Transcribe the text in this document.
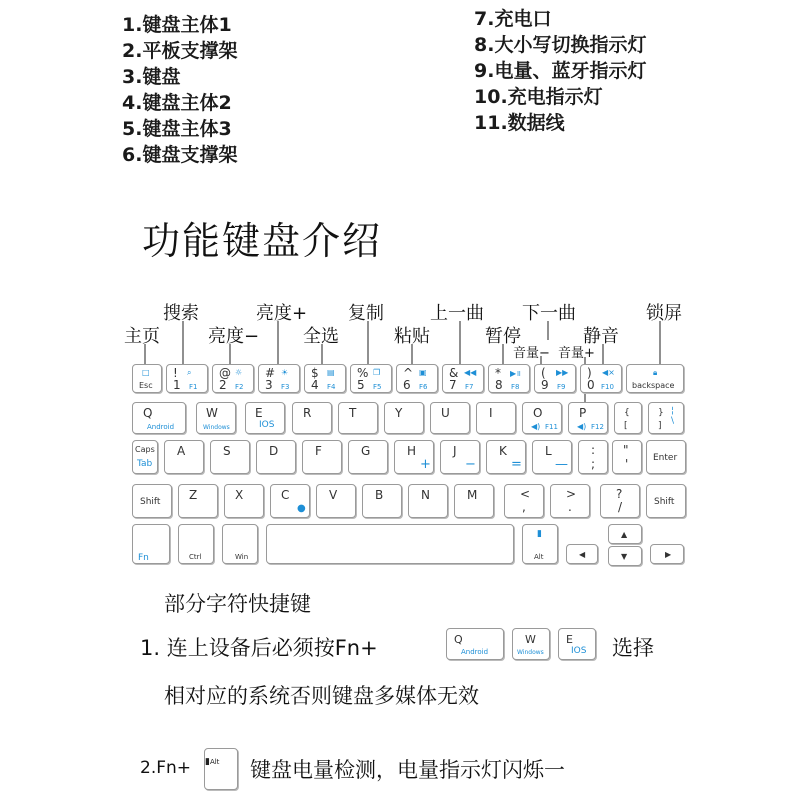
1.键盘主体1
2.平板支撑架
3.键盘
4.键盘主体2
5.键盘主体3
6.键盘支撑架
7.充电口
8.大小写切换指示灯
9.电量、蓝牙指示灯
10.充电指示灯
11.数据线
功能键盘介绍
主页
搜索
亮度−
亮度+
全选
复制
粘贴
上一曲
暂停
下一曲
音量− 音量+
静音
锁屏
□
Esc
! ⌕
1 F1
@ ☼
2 F2
# ☀
3 F3
$ ▤
4 F4
% ❐
5 F5
^ ▣
6 F6
& ◀◀
7 F7
* ▶॥
8 F8
( ▶▶
9 F9
) ◀×
0 F10
🔒︎
backspace
Q
Android
W
Windows
E
IOS
R	T	Y	U	I	O
◀) F11
P
◀) F12
{ [
} ]
¦
\
Caps
Tab
A	S	D	F	G	H
+
J
−
K
=
L
—
:
;
"
'	Enter
Shift Z	X	C
●
V	B	N	M	<
,
>
.
?
/	Shift
Fn	Ctrl	Win
▮
Alt	◀
▲
▼	▶
部分字符快捷键
1. 连上设备后必须按Fn+	Q
Android
W
Windows
E
IOS 选择
相对应的系统否则键盘多媒体无效
2.Fn+ ▮Alt	键盘电量检测，电量指示灯闪烁一
